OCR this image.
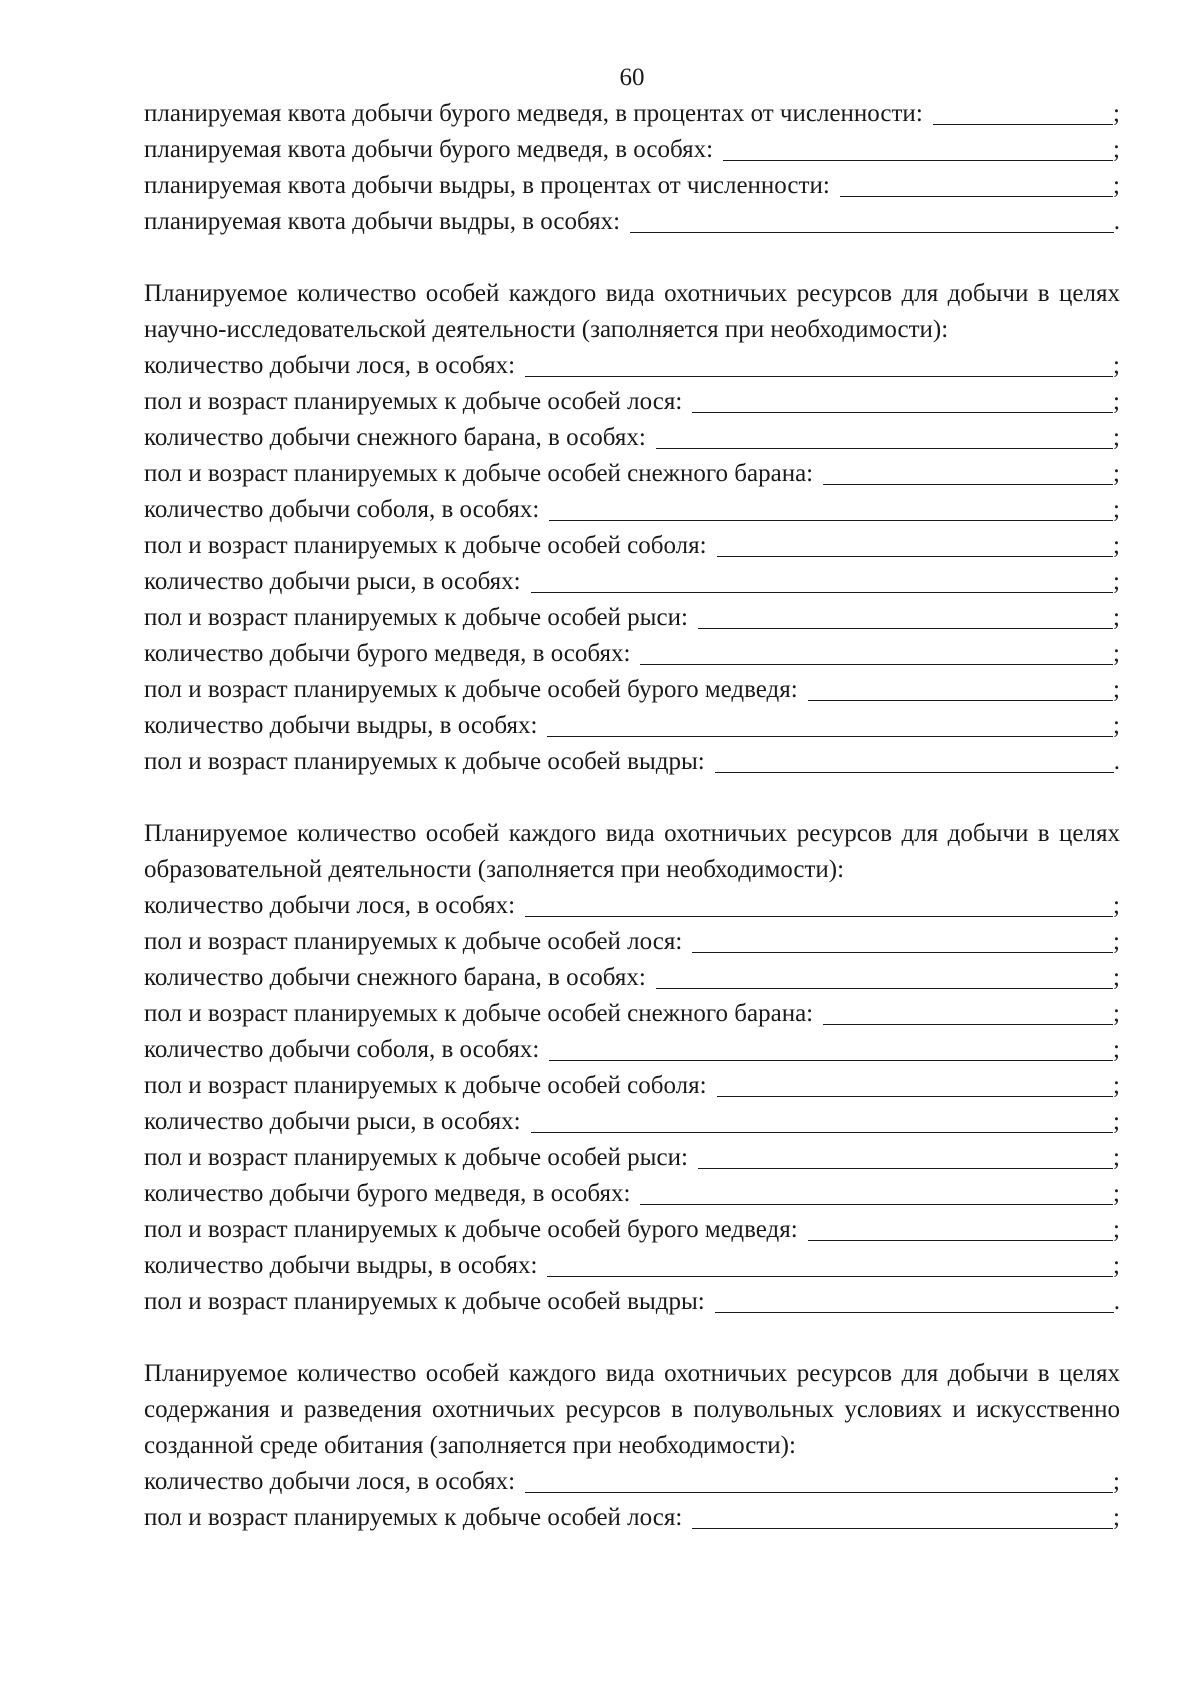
60
планируемая квота добычи бурого медведя, в процентах от численности:	;
планируемая квота добычи бурого медведя, в особях:	;
планируемая квота добычи выдры, в процентах от численности:	;
планируемая квота добычи выдры, в особях:	.
Планируемое количество особей каждого вида охотничьих ресурсов для добычи в целях научно-исследовательской деятельности (заполняется при необходимости):
количество добычи лося, в особях:	;
пол и возраст планируемых к добыче особей лося:	;
количество добычи снежного барана, в особях:	;
пол и возраст планируемых к добыче особей снежного барана:	;
количество добычи соболя, в особях:	;
пол и возраст планируемых к добыче особей соболя:	;
количество добычи рыси, в особях:	;
пол и возраст планируемых к добыче особей рыси:	;
количество добычи бурого медведя, в особях:	;
пол и возраст планируемых к добыче особей бурого медведя:	;
количество добычи выдры, в особях:	;
пол и возраст планируемых к добыче особей выдры:	.
Планируемое количество особей каждого вида охотничьих ресурсов для добычи в целях образовательной деятельности (заполняется при необходимости):
количество добычи лося, в особях:	;
пол и возраст планируемых к добыче особей лося:	;
количество добычи снежного барана, в особях:	;
пол и возраст планируемых к добыче особей снежного барана:	;
количество добычи соболя, в особях:	;
пол и возраст планируемых к добыче особей соболя:	;
количество добычи рыси, в особях:	;
пол и возраст планируемых к добыче особей рыси:	;
количество добычи бурого медведя, в особях:	;
пол и возраст планируемых к добыче особей бурого медведя:	;
количество добычи выдры, в особях:	;
пол и возраст планируемых к добыче особей выдры:	.
Планируемое количество особей каждого вида охотничьих ресурсов для добычи в целях содержания и разведения охотничьих ресурсов в полувольных условиях и искусственно созданной среде обитания (заполняется при необходимости):
количество добычи лося, в особях:	;
пол и возраст планируемых к добыче особей лося:	;
